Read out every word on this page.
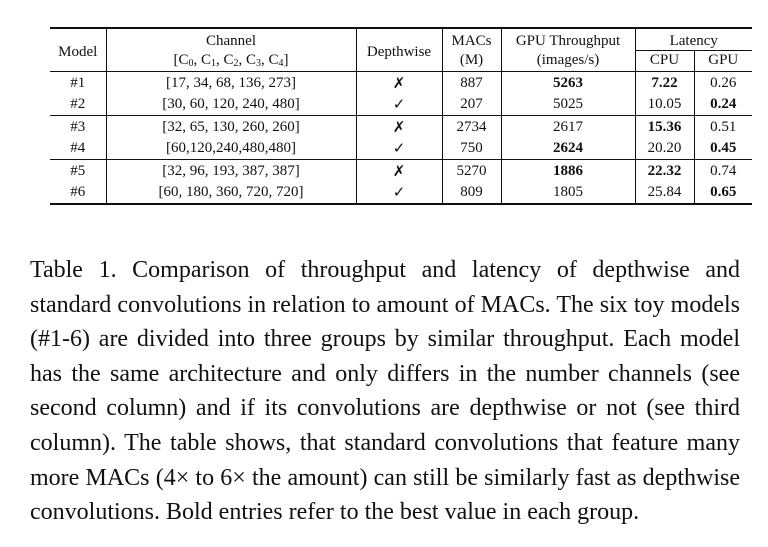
Model	Channel	Depthwise	MACs	GPU Throughput	Latency	
	[$C_0$, $C_1$, $C_2$, $C_3$, $C_4$]		(M)	(images/s)	CPU	GPU
#1	[17, 34, 68, 136, 273]	✗	887	5263	7.22	0.26
#2	[30, 60, 120, 240, 480]	✓	207	5025	10.05	0.24
#3	[32, 65, 130, 260, 260]	✗	2734	2617	15.36	0.51
#4	[60,120,240,480,480]	✓	750	2624	20.20	0.45
#5	[32, 96, 193, 387, 387]	✗	5270	1886	22.32	0.74
#6	[60, 180, 360, 720, 720]	✓	809	1805	25.84	0.65

Table 1. Comparison of throughput and latency of depthwise and standard convolutions in relation to amount of MACs. The six toy models (#1-6) are divided into three groups by similar throughput. Each model has the same architecture and only differs in the number channels (see second column) and if its convolutions are depthwise or not (see third column). The table shows, that standard convolutions that feature many more MACs (4× to 6× the amount) can still be similarly fast as depthwise convolutions. Bold entries refer to the best value in each group.
